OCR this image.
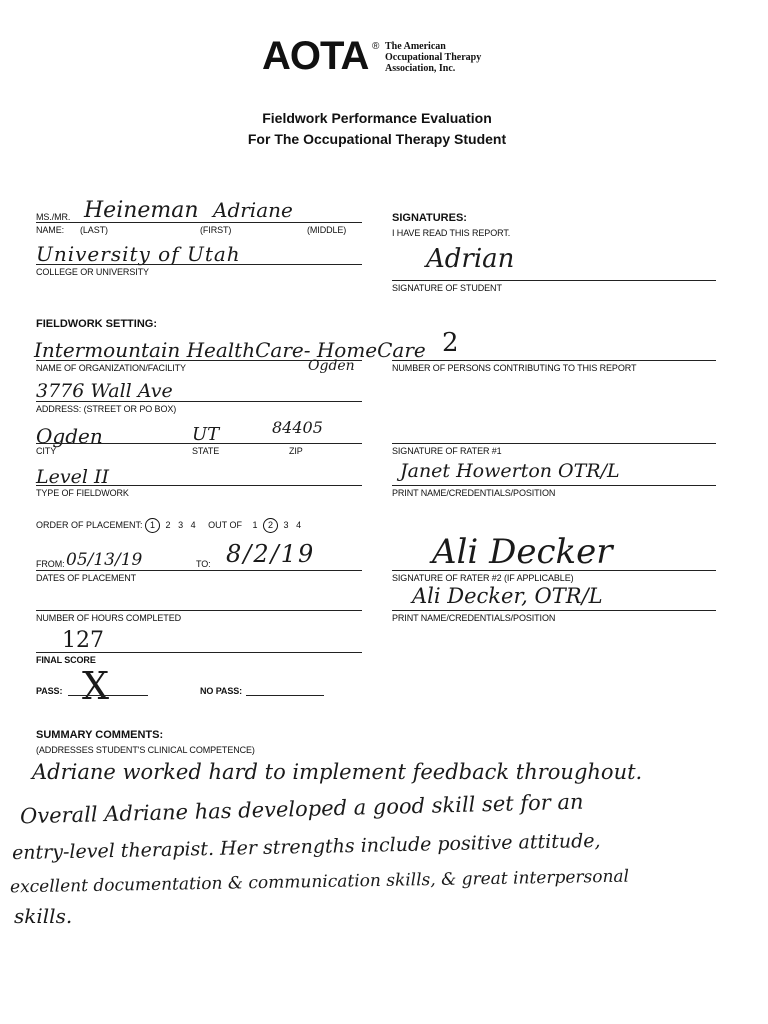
AOTA ® The American
Occupational Therapy
Association, Inc.
Fieldwork Performance Evaluation
For The Occupational Therapy Student
MS./MR. Heineman Adriane
NAME: (LAST)	(FIRST)	(MIDDLE)
University of Utah
COLLEGE OR UNIVERSITY
FIELDWORK SETTING:
Intermountain HealthCare- HomeCare
Ogden
NAME OF ORGANIZATION/FACILITY
3776 Wall Ave
ADDRESS: (STREET OR PO BOX)
Ogden	UT	84405
CITY	STATE	ZIP
Level II
TYPE OF FIELDWORK
ORDER OF PLACEMENT: 1 2 3 4 OUT OF 1 2 3 4
FROM: 05/13/19	TO: 8/2/19
DATES OF PLACEMENT
NUMBER OF HOURS COMPLETED
127
FINAL SCORE
PASS: X	NO PASS:
SIGNATURES:
I HAVE READ THIS REPORT.
Adrian
SIGNATURE OF STUDENT
2
NUMBER OF PERSONS CONTRIBUTING TO THIS REPORT
SIGNATURE OF RATER #1
Janet Howerton OTR/L
PRINT NAME/CREDENTIALS/POSITION
Ali Decker
SIGNATURE OF RATER #2 (IF APPLICABLE)
Ali Decker, OTR/L
PRINT NAME/CREDENTIALS/POSITION
SUMMARY COMMENTS:
(ADDRESSES STUDENT'S CLINICAL COMPETENCE)
Adriane worked hard to implement feedback throughout.
Overall Adriane has developed a good skill set for an
entry-level therapist. Her strengths include positive attitude,
excellent documentation & communication skills, & great interpersonal
skills.
